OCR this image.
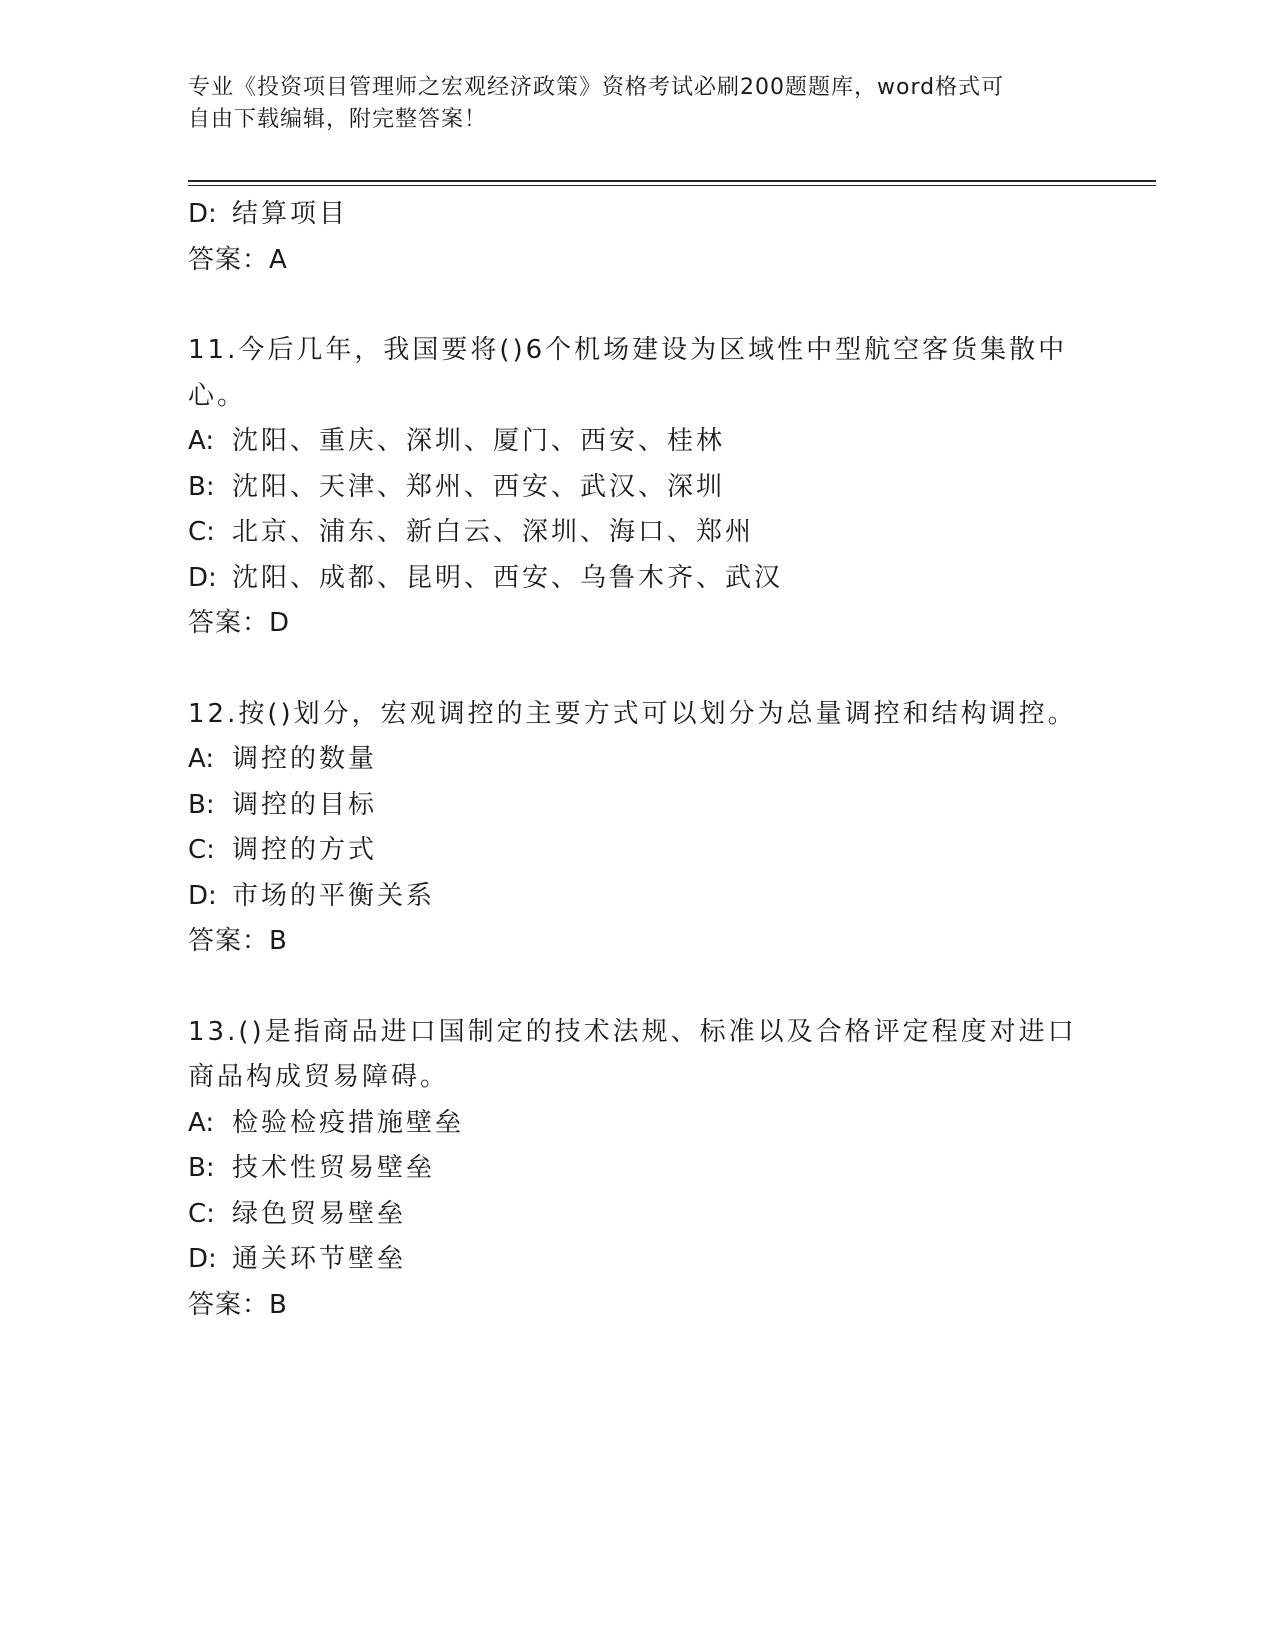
专业《投资项目管理师之宏观经济政策》资格考试必刷200题题库，word格式可
自由下载编辑，附完整答案！

D: 结算项目

答案：A

11.今后几年，我国要将()6个机场建设为区域性中型航空客货集散中

心。

A: 沈阳、重庆、深圳、厦门、西安、桂林

B: 沈阳、天津、郑州、西安、武汉、深圳

C: 北京、浦东、新白云、深圳、海口、郑州

D: 沈阳、成都、昆明、西安、乌鲁木齐、武汉

答案：D

12.按()划分，宏观调控的主要方式可以划分为总量调控和结构调控。

A: 调控的数量

B: 调控的目标

C: 调控的方式

D: 市场的平衡关系

答案：B

13.()是指商品进口国制定的技术法规、标准以及合格评定程度对进口

商品构成贸易障碍。

A: 检验检疫措施壁垒

B: 技术性贸易壁垒

C: 绿色贸易壁垒

D: 通关环节壁垒

答案：B
